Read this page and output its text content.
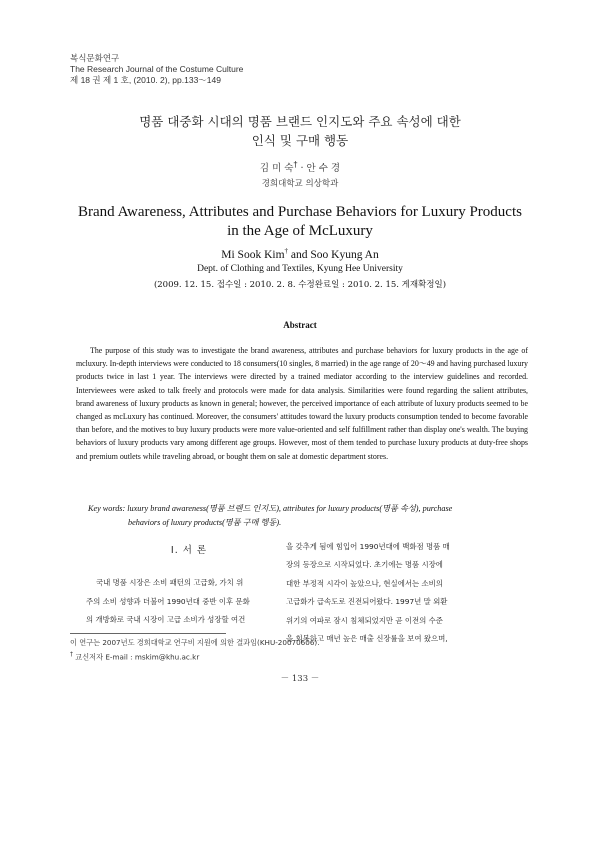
복식문화연구
The Research Journal of the Costume Culture
제 18 권 제 1 호, (2010. 2), pp.133～149
명품 대중화 시대의 명품 브랜드 인지도와 주요 속성에 대한
인식 및 구매 행동
김 미 숙† · 안 수 경
경희대학교 의상학과
Brand Awareness, Attributes and Purchase Behaviors for Luxury Products
in the Age of McLuxury
Mi Sook Kim† and Soo Kyung An
Dept. of Clothing and Textiles, Kyung Hee University
(2009. 12. 15. 접수일 : 2010. 2. 8. 수정완료일 : 2010. 2. 15. 게재확정일)
Abstract

The purpose of this study was to investigate the brand awareness, attributes and purchase behaviors for luxury products in the age of mcluxury. In-depth interviews were conducted to 18 consumers(10 singles, 8 married) in the age range of 20～49 and having purchased luxury products twice in last 1 year. The interviews were directed by a trained mediator according to the interview guidelines and recorded. Interviewees were asked to talk freely and protocols were made for data analysis. Similarities were found regarding the salient attributes, brand awareness of luxury products as known in general; however, the perceived importance of each attribute of luxury products seemed to be changed as mcLuxury has continued. Moreover, the consumers' attitudes toward the luxury products consumption tended to become favorable than before, and the motives to buy luxury products were more value-oriented and self fulfillment rather than display one's wealth. The buying behaviors of luxury products vary among different age groups. However, most of them tended to purchase luxury products at duty-free shops and premium outlets while traveling abroad, or bought them on sale at domestic department stores.

Key words: luxury brand awareness(명품 브랜드 인지도), attributes for luxury products(명품 속성), purchase
behaviors of luxury products(명품 구매 행동).
Ⅰ. 서 론
국내 명품 시장은 소비 패턴의 고급화, 가치 위
주의 소비 성향과 더불어 1990년대 중반 이후 문화
의 개방화로 국내 시장이 고급 소비가 성장할 여건
을 갖추게 됨에 힘입어 1990년대에 백화점 명품 매
장의 등장으로 시작되었다. 초기에는 명품 시장에
대한 부정적 시각이 높았으나, 현실에서는 소비의
고급화가 급속도로 진전되어왔다. 1997년 말 외환
위기의 여파로 잠시 침체되었지만 곧 이전의 수준
을 회복하고 매년 높은 매출 신장률을 보여 왔으며,
이 연구는 2007년도 경희대학교 연구비 지원에 의한 결과임(KHU-20070606).
† 교신저자 E-mail : mskim@khu.ac.kr
－ 133 －
